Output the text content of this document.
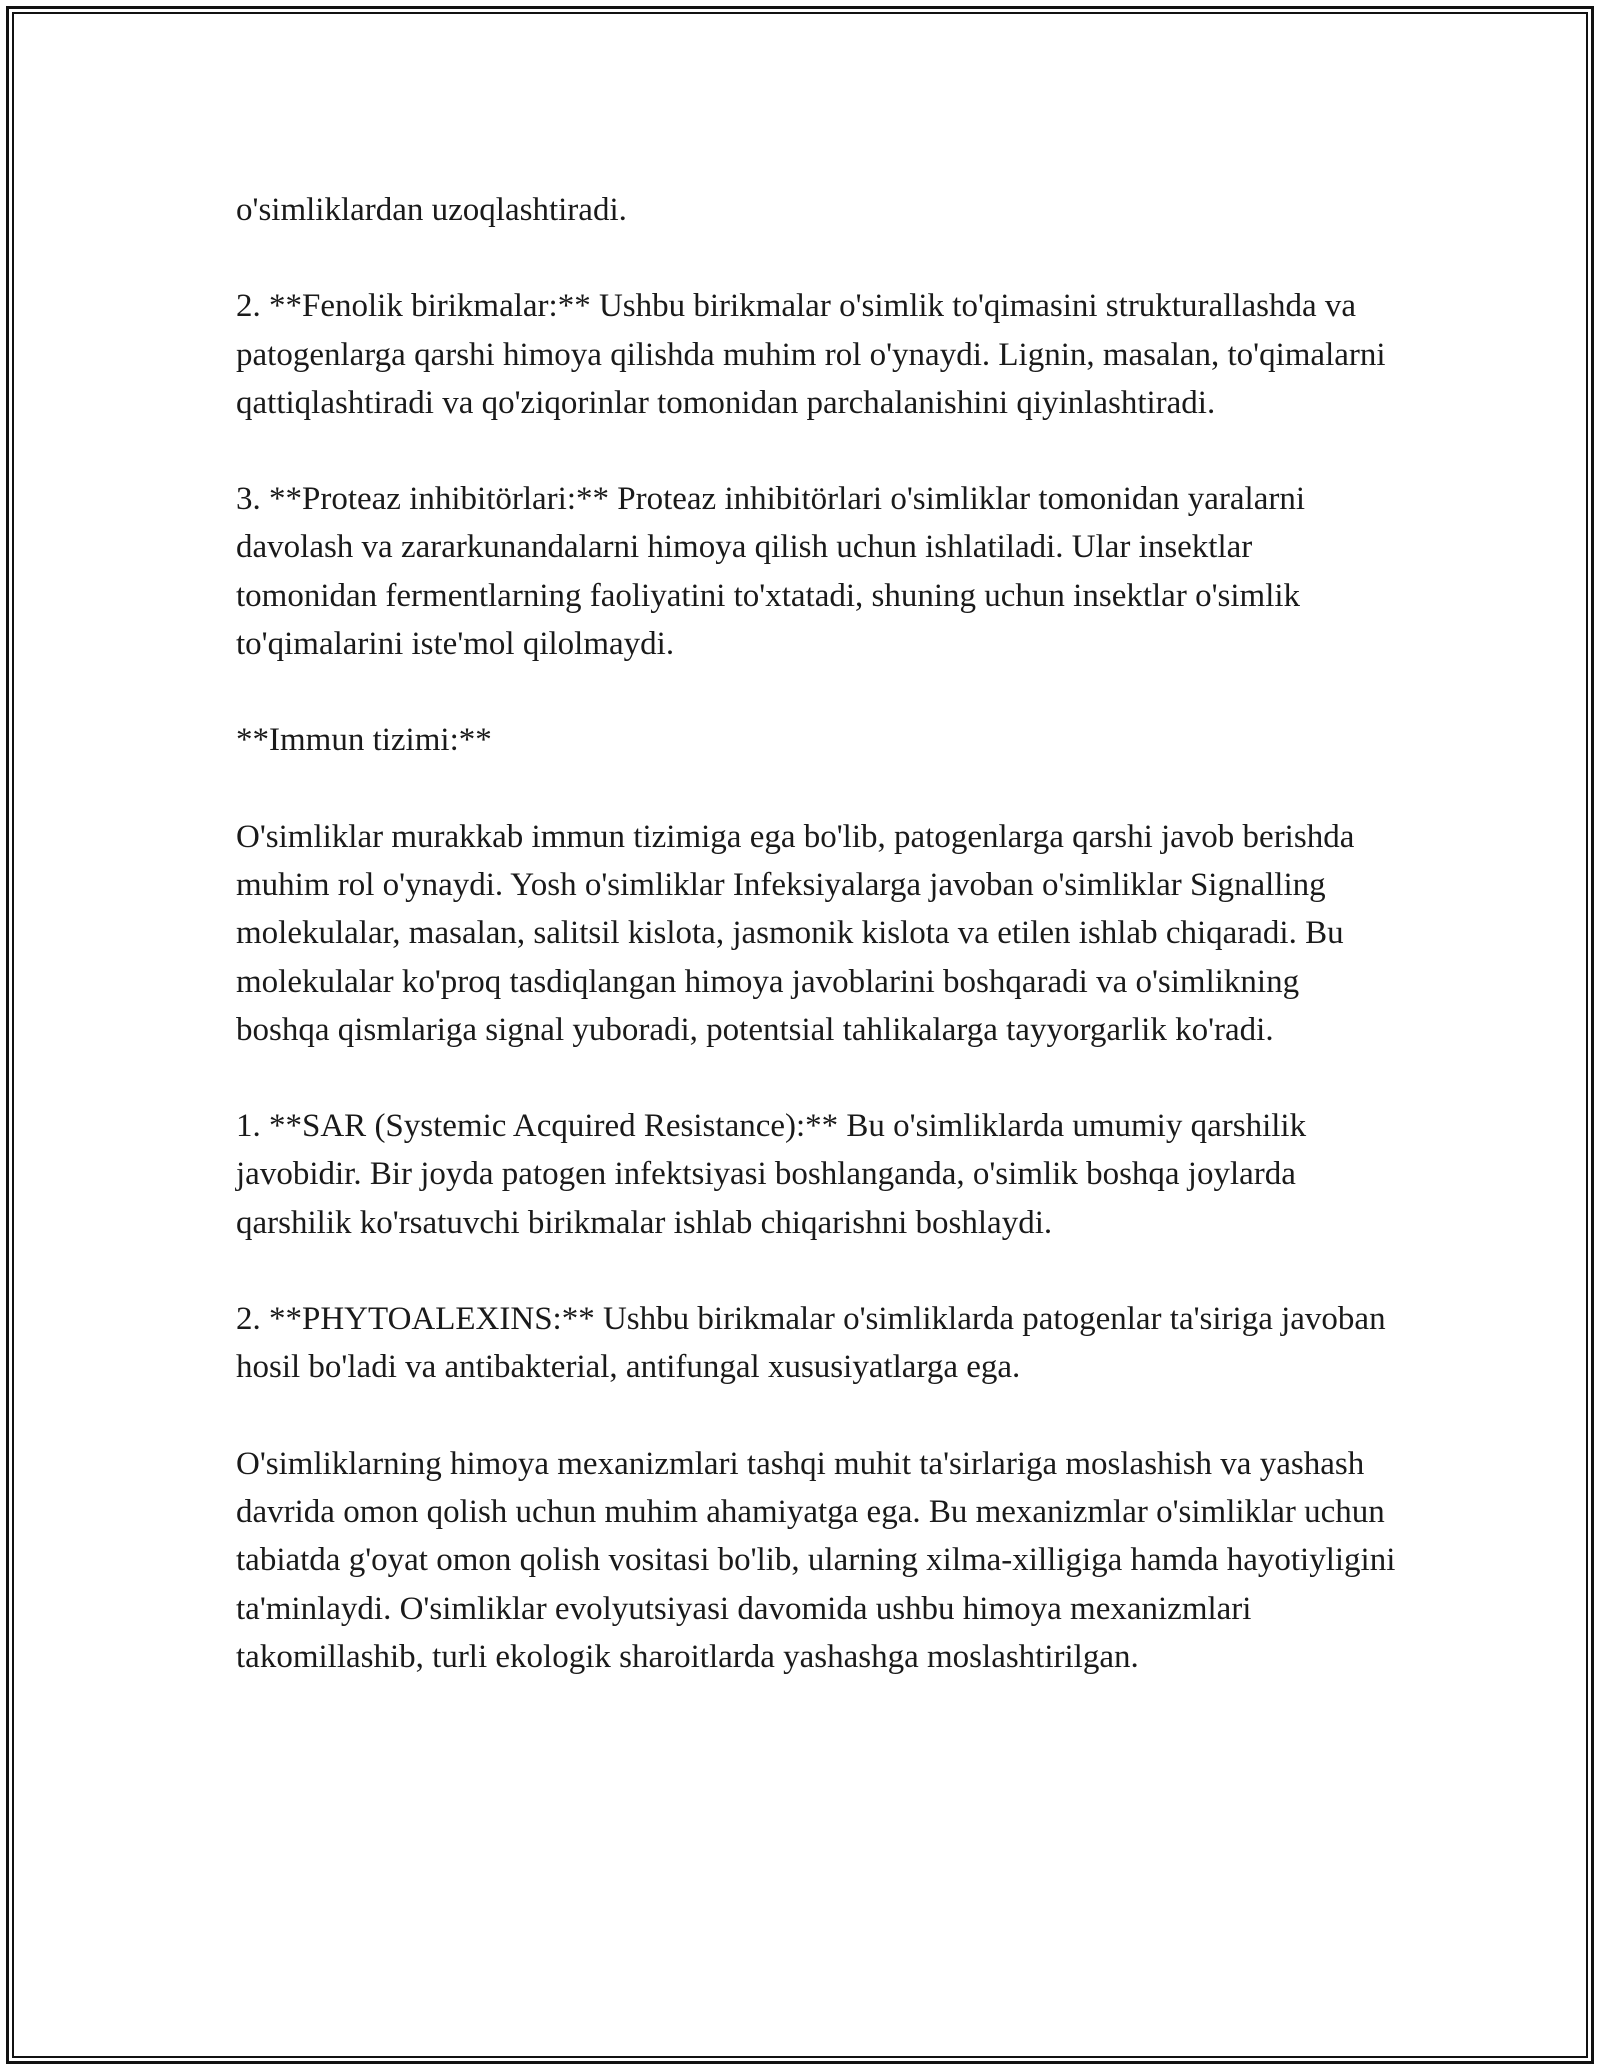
o'simliklardan uzoqlashtiradi.

2. **Fenolik birikmalar:** Ushbu birikmalar o'simlik to'qimasini strukturallashda va patogenlarga qarshi himoya qilishda muhim rol o'ynaydi. Lignin, masalan, to'qimalarni qattiqlashtiradi va qo'ziqorinlar tomonidan parchalanishini qiyinlashtiradi.

3. **Proteaz inhibitörlari:** Proteaz inhibitörlari o'simliklar tomonidan yaralarni davolash va zararkunandalarni himoya qilish uchun ishlatiladi. Ular insektlar tomonidan fermentlarning faoliyatini to'xtatadi, shuning uchun insektlar o'simlik to'qimalarini iste'mol qilolmaydi.

**Immun tizimi:**

O'simliklar murakkab immun tizimiga ega bo'lib, patogenlarga qarshi javob berishda muhim rol o'ynaydi. Yosh o'simliklar Infeksiyalarga javoban o'simliklar Signalling molekulalar, masalan, salitsil kislota, jasmonik kislota va etilen ishlab chiqaradi. Bu molekulalar ko'proq tasdiqlangan himoya javoblarini boshqaradi va o'simlikning boshqa qismlariga signal yuboradi, potentsial tahlikalarga tayyorgarlik ko'radi.

1. **SAR (Systemic Acquired Resistance):** Bu o'simliklarda umumiy qarshilik javobidir. Bir joyda patogen infektsiyasi boshlanganda, o'simlik boshqa joylarda qarshilik ko'rsatuvchi birikmalar ishlab chiqarishni boshlaydi.

2. **PHYTOALEXINS:** Ushbu birikmalar o'simliklarda patogenlar ta'siriga javoban hosil bo'ladi va antibakterial, antifungal xususiyatlarga ega.

O'simliklarning himoya mexanizmlari tashqi muhit ta'sirlariga moslashish va yashash davrida omon qolish uchun muhim ahamiyatga ega. Bu mexanizmlar o'simliklar uchun tabiatda g'oyat omon qolish vositasi bo'lib, ularning xilma-xilligiga hamda hayotiyligini ta'minlaydi. O'simliklar evolyutsiyasi davomida ushbu himoya mexanizmlari takomillashib, turli ekologik sharoitlarda yashashga moslashtirilgan.
